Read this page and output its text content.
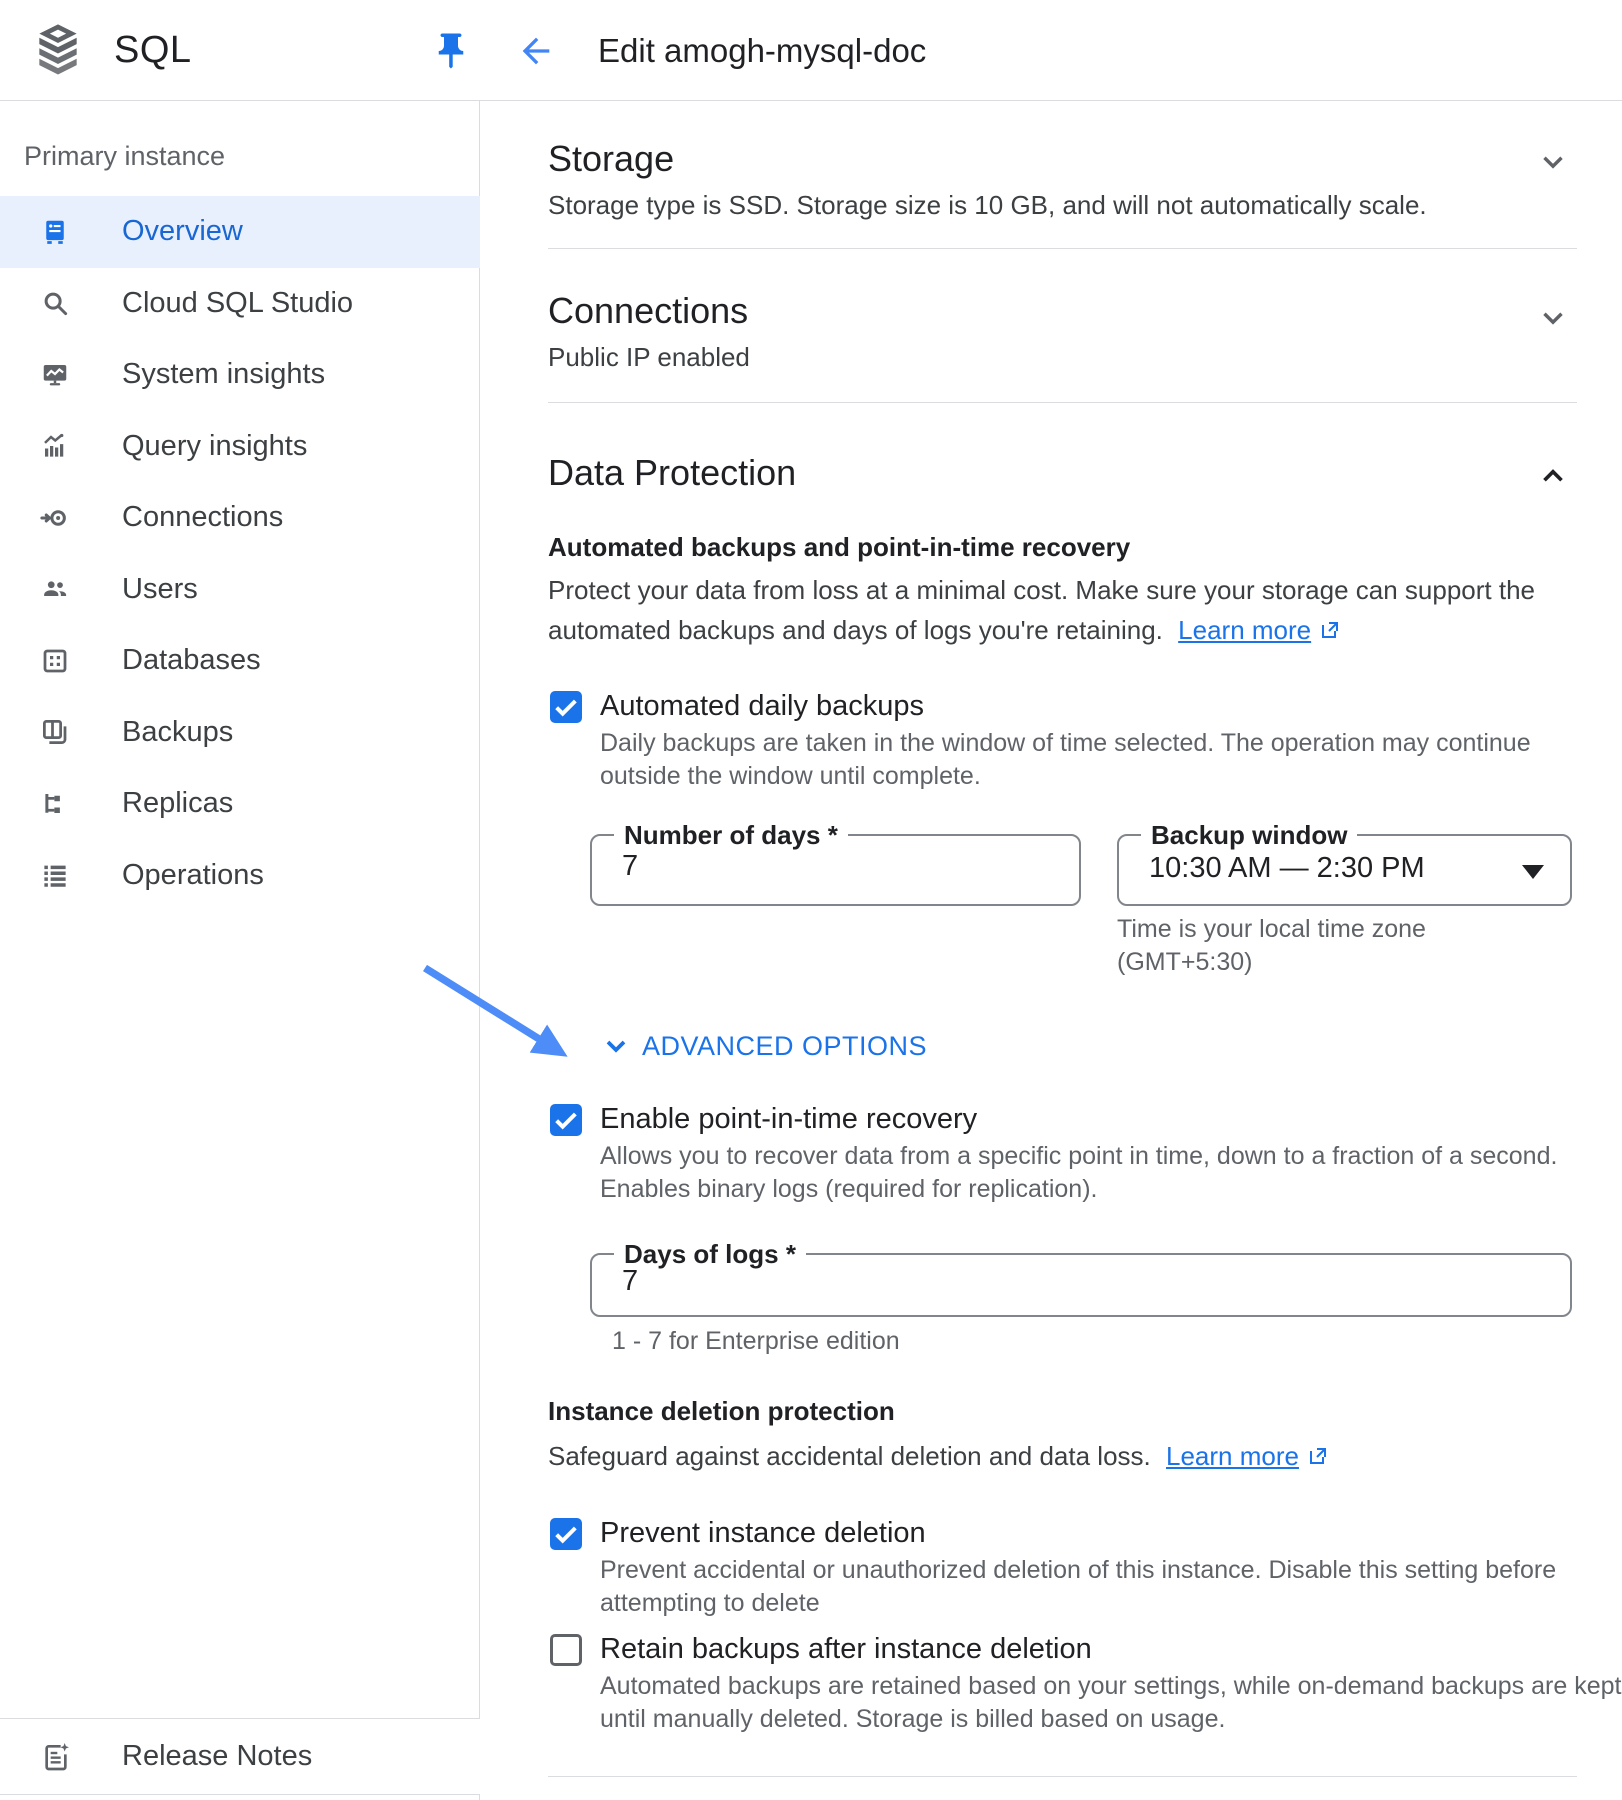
SQL	Edit amogh-mysql-doc
Primary instance
Overview
Cloud SQL Studio
System insights
Query insights
Connections
Users
Databases
Backups
Replicas
Operations
Release Notes
Storage
Storage type is SSD. Storage size is 10 GB, and will not automatically scale.
Connections
Public IP enabled
Data Protection
Automated backups and point-in-time recovery
Protect your data from loss at a minimal cost. Make sure your storage can support the
automated backups and days of logs you're retaining. Learn more
Automated daily backups
Daily backups are taken in the window of time selected. The operation may continue
outside the window until complete.
Number of days *
7
Backup window
10:30 AM — 2:30 PM
Time is your local time zone
(GMT+5:30)
ADVANCED OPTIONS
Enable point-in-time recovery
Allows you to recover data from a specific point in time, down to a fraction of a second.
Enables binary logs (required for replication).
Days of logs *
7
1 - 7 for Enterprise edition
Instance deletion protection
Safeguard against accidental deletion and data loss. Learn more
Prevent instance deletion
Prevent accidental or unauthorized deletion of this instance. Disable this setting before
attempting to delete
Retain backups after instance deletion
Automated backups are retained based on your settings, while on-demand backups are kept
until manually deleted. Storage is billed based on usage.
